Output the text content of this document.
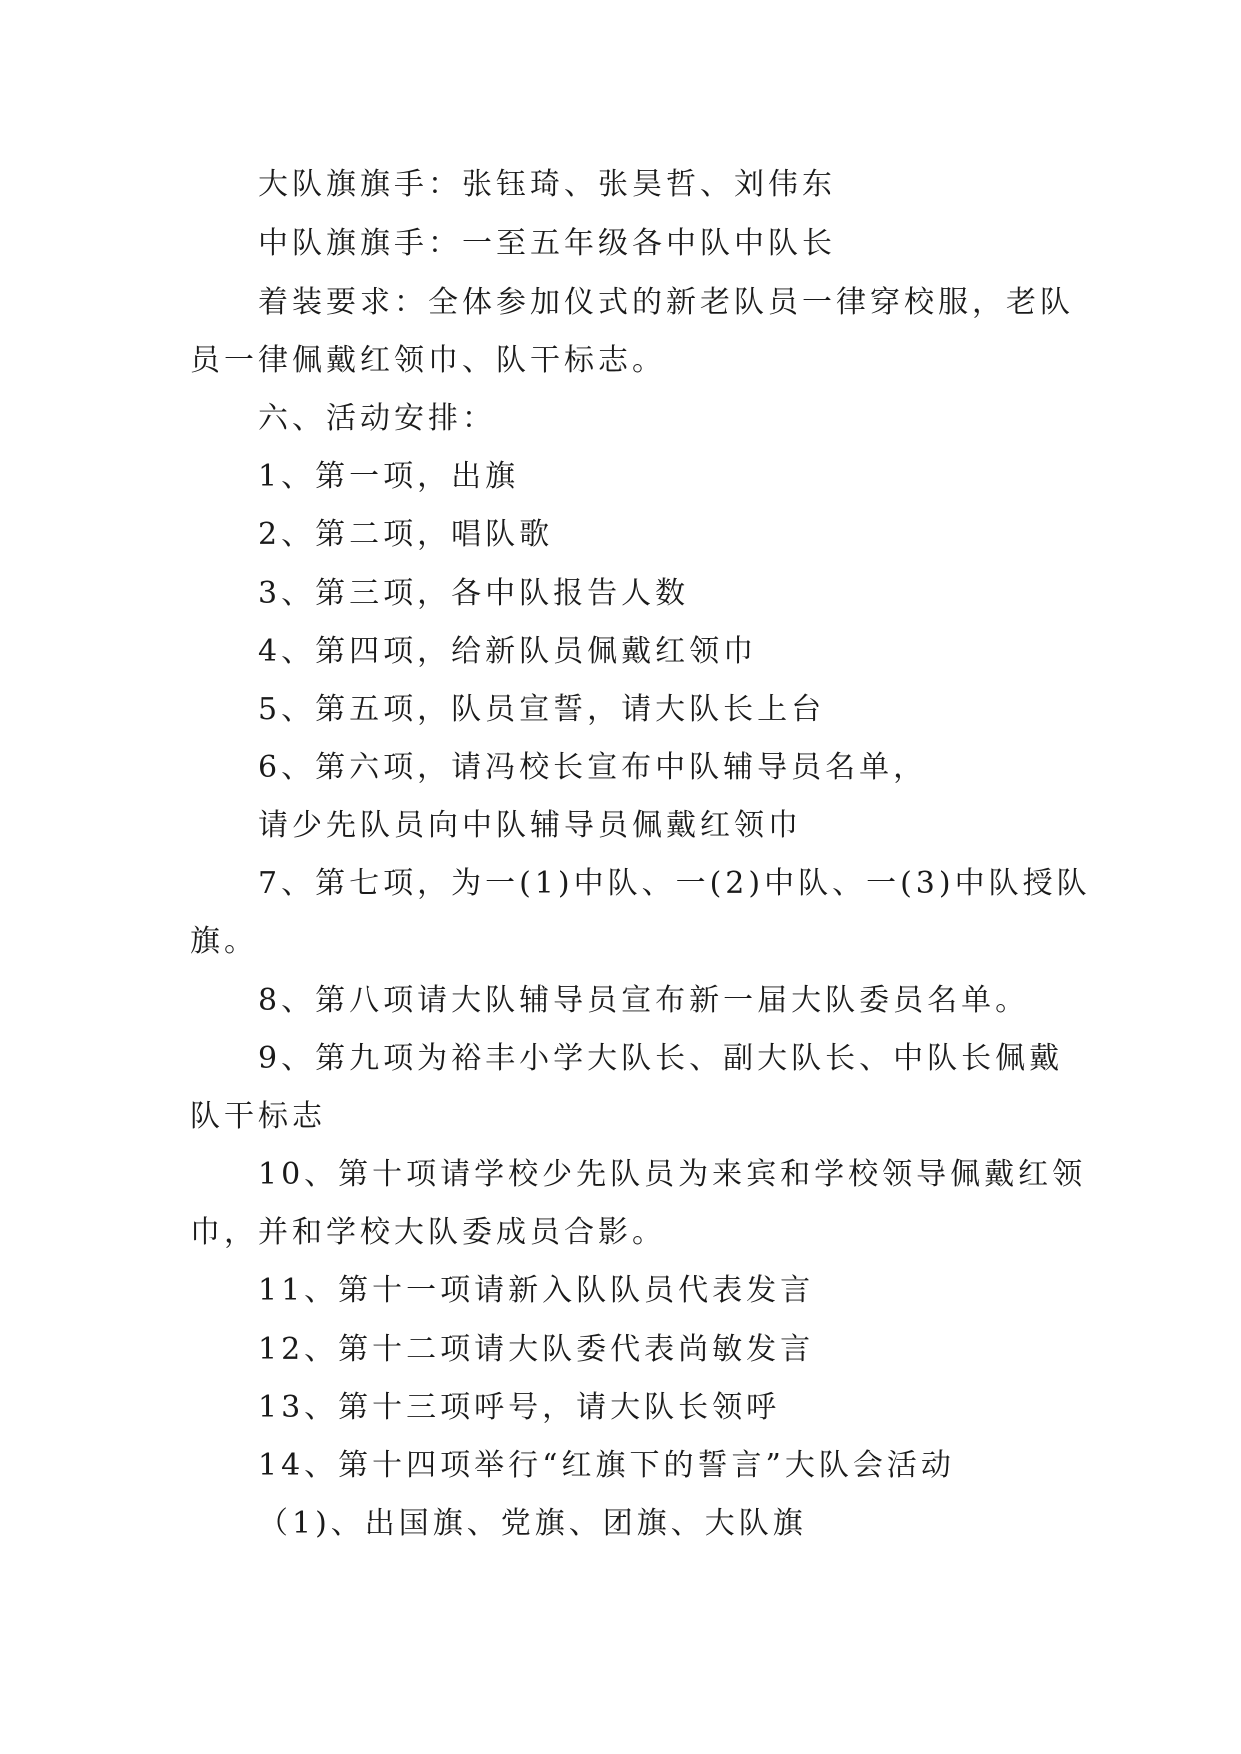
大队旗旗手：张钰琦、张昊哲、刘伟东
中队旗旗手：一至五年级各中队中队长
着装要求：全体参加仪式的新老队员一律穿校服，老队
员一律佩戴红领巾、队干标志。
六、活动安排：
1、第一项，出旗
2、第二项，唱队歌
3、第三项，各中队报告人数
4、第四项，给新队员佩戴红领巾
5、第五项，队员宣誓，请大队长上台
6、第六项，请冯校长宣布中队辅导员名单，
请少先队员向中队辅导员佩戴红领巾
7、第七项，为一(1)中队、一(2)中队、一(3)中队授队
旗。
8、第八项请大队辅导员宣布新一届大队委员名单。
9、第九项为裕丰小学大队长、副大队长、中队长佩戴
队干标志
10、第十项请学校少先队员为来宾和学校领导佩戴红领
巾，并和学校大队委成员合影。
11、第十一项请新入队队员代表发言
12、第十二项请大队委代表尚敏发言
13、第十三项呼号，请大队长领呼
14、第十四项举行“红旗下的誓言”大队会活动
（1)、出国旗、党旗、团旗、大队旗
